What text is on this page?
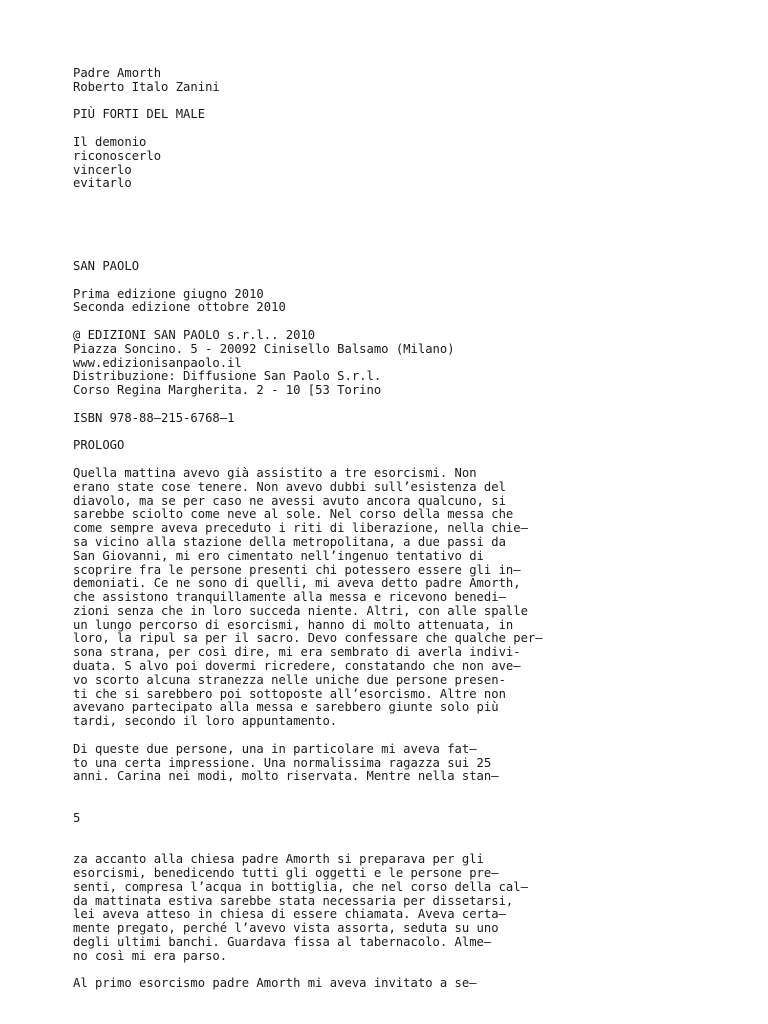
Padre Amorth
Roberto Italo Zanini
PIÙ FORTI DEL MALE
Il demonio
riconoscerlo
vincerlo
evitarlo
SAN PAOLO
Prima edizione giugno 2010
Seconda edizione ottobre 2010
@ EDIZIONI SAN PAOLO s.r.l.. 2010
Piazza Soncino. 5 - 20092 Cinisello Balsamo (Milano)
www.edizionisanpaolo.il
Distribuzione: Diffusione San Paolo S.r.l.
Corso Regina Margherita. 2 - 10 [53 Torino
ISBN 978-88—215-6768—1
PROLOGO
Quella mattina avevo già assistito a tre esorcismi. Non
erano state cose tenere. Non avevo dubbi sull’esistenza del
diavolo, ma se per caso ne avessi avuto ancora qualcuno, si
sarebbe sciolto come neve al sole. Nel corso della messa che
come sempre aveva preceduto i riti di liberazione, nella chie—
sa vicino alla stazione della metropolitana, a due passi da
San Giovanni, mi ero cimentato nell’ingenuo tentativo di
scoprire fra le persone presenti chi potessero essere gli in—
demoniati. Ce ne sono di quelli, mi aveva detto padre Amorth,
che assistono tranquillamente alla messa e ricevono benedi—
zioni senza che in loro succeda niente. Altri, con alle spalle
un lungo percorso di esorcismi, hanno di molto attenuata, in
loro, la ripul sa per il sacro. Devo confessare che qualche per—
sona strana, per così dire, mi era sembrato di averla indivi-
duata. S alvo poi dovermi ricredere, constatando che non ave—
vo scorto alcuna stranezza nelle uniche due persone presen-
ti che si sarebbero poi sottoposte all’esorcismo. Altre non
avevano partecipato alla messa e sarebbero giunte solo più
tardi, secondo il loro appuntamento.
Di queste due persone, una in particolare mi aveva fat—
to una certa impressione. Una normalissima ragazza sui 25
anni. Carina nei modi, molto riservata. Mentre nella stan—
5
za accanto alla chiesa padre Amorth si preparava per gli
esorcismi, benedicendo tutti gli oggetti e le persone pre—
senti, compresa l’acqua in bottiglia, che nel corso della cal—
da mattinata estiva sarebbe stata necessaria per dissetarsi,
lei aveva atteso in chiesa di essere chiamata. Aveva certa—
mente pregato, perché l’avevo vista assorta, seduta su uno
degli ultimi banchi. Guardava fissa al tabernacolo. Alme—
no così mi era parso.
Al primo esorcismo padre Amorth mi aveva invitato a se—
